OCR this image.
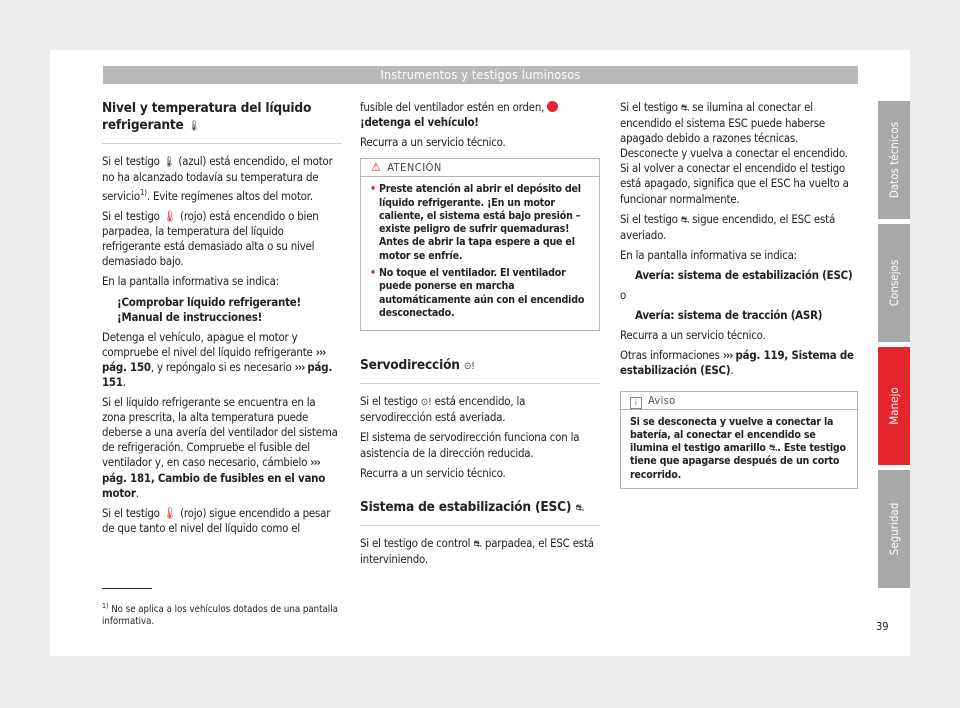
Instrumentos y testigos luminosos
Nivel y temperatura del líquido refrigerante 🌡︎

Si el testigo 🌡︎ (azul) está encendido, el motor no ha alcanzado todavía su temperatura de servicio$^{1)}$. Evite regímenes altos del motor.

Si el testigo 🌡︎ (rojo) está encendido o bien parpadea, la temperatura del líquido refrigerante está demasiado alta o su nivel demasiado bajo.

En la pantalla informativa se indica:

¡Comprobar líquido refrigerante! ¡Manual de instrucciones!

Detenga el vehículo, apague el motor y compruebe el nivel del líquido refrigerante ››› pág. 150, y repóngalo si es necesario ››› pág. 151.

Si el líquido refrigerante se encuentra en la zona prescrita, la alta temperatura puede deberse a una avería del ventilador del sistema de refrigeración. Compruebe el fusible del ventilador y, en caso necesario, cámbielo ››› pág. 181, Cambio de fusibles en el vano motor.

Si el testigo 🌡︎ (rojo) sigue encendido a pesar de que tanto el nivel del líquido como el

fusible del ventilador estén en orden,  ¡detenga el vehículo!

Recurra a un servicio técnico.

⚠ ATENCIÓN
• Preste atención al abrir el depósito del líquido refrigerante. ¡En un motor caliente, el sistema está bajo presión – existe peligro de sufrir quemaduras! Antes de abrir la tapa espere a que el motor se enfríe.
• No toque el ventilador. El ventilador puede ponerse en marcha automáticamente aún con el encendido desconectado.
Servodirección ⊙!

Si el testigo ⊙! está encendido, la servodirección está averiada.

El sistema de servodirección funciona con la asistencia de la dirección reducida.

Recurra a un servicio técnico.

Sistema de estabilización (ESC) ⛐

Si el testigo de control ⛐ parpadea, el ESC está interviniendo.

Si el testigo ⛐ se ilumina al conectar el encendido el sistema ESC puede haberse apagado debido a razones técnicas. Desconecte y vuelva a conectar el encendido. Si al volver a conectar el encendido el testigo está apagado, significa que el ESC ha vuelto a funcionar normalmente.

Si el testigo ⛐ sigue encendido, el ESC está averiado.

En la pantalla informativa se indica:

Avería: sistema de estabilización (ESC)

o

Avería: sistema de tracción (ASR)

Recurra a un servicio técnico.

Otras informaciones ››› pág. 119, Sistema de estabilización (ESC).

i Aviso
Si se desconecta y vuelve a conectar la batería, al conectar el encendido se ilumina el testigo amarillo ⛐. Este testigo tiene que apagarse después de un corto recorrido.
$^{1)}$ No se aplica a los vehículos dotados de una pantalla informativa.
Datos técnicos
Consejos
Manejo
Seguridad
39
